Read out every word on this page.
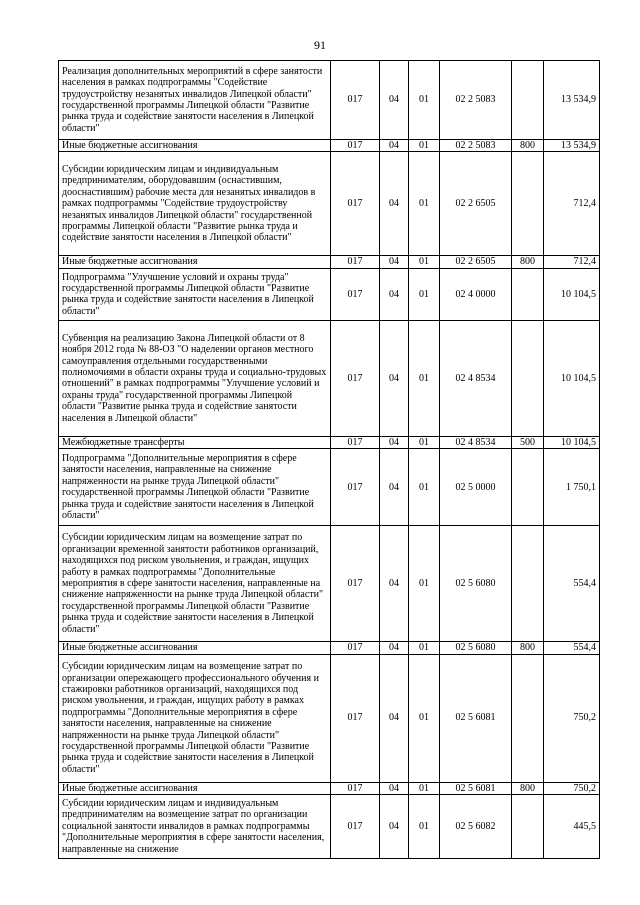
91
Реализация дополнительных мероприятий в сфере занятости населения в рамках подпрограммы "Содействие трудоустройству незанятых инвалидов Липецкой области" государственной программы Липецкой области "Развитие рынка труда и содействие занятости населения в Липецкой области"	017	04	01	02 2 5083		13 534,9
Иные бюджетные ассигнования	017	04	01	02 2 5083	800	13 534,9
Субсидии юридическим лицам и индивидуальным предпринимателям, оборудовавшим (оснастившим, дооснастившим) рабочие места для незанятых инвалидов в рамках подпрограммы "Содействие трудоустройству незанятых инвалидов Липецкой области" государственной программы Липецкой области "Развитие рынка труда и содействие занятости населения в Липецкой области"	017	04	01	02 2 6505		712,4
Иные бюджетные ассигнования	017	04	01	02 2 6505	800	712,4
Подпрограмма "Улучшение условий и охраны труда" государственной программы Липецкой области "Развитие рынка труда и содействие занятости населения в Липецкой области"	017	04	01	02 4 0000		10 104,5
Субвенция на реализацию Закона Липецкой области от 8 ноября 2012 года № 88-ОЗ "О наделении органов местного самоуправления отдельными государственными полномочиями в области охраны труда и социально-трудовых отношений" в рамках подпрограммы "Улучшение условий и охраны труда" государственной программы Липецкой области "Развитие рынка труда и содействие занятости населения в Липецкой области"	017	04	01	02 4 8534		10 104,5
Межбюджетные трансферты	017	04	01	02 4 8534	500	10 104,5
Подпрограмма "Дополнительные мероприятия в сфере занятости населения, направленные на снижение напряженности на рынке труда Липецкой области" государственной программы Липецкой области "Развитие рынка труда и содействие занятости населения в Липецкой области"	017	04	01	02 5 0000		1 750,1
Субсидии юридическим лицам на возмещение затрат по организации временной занятости работников организаций, находящихся под риском увольнения, и граждан, ищущих работу в рамках подпрограммы "Дополнительные мероприятия в сфере занятости населения, направленные на снижение напряженности на рынке труда Липецкой области" государственной программы Липецкой области "Развитие рынка труда и содействие занятости населения в Липецкой области"	017	04	01	02 5 6080		554,4
Иные бюджетные ассигнования	017	04	01	02 5 6080	800	554,4
Субсидии юридическим лицам на возмещение затрат по организации опережающего профессионального обучения и стажировки работников организаций, находящихся под риском увольнения, и граждан, ищущих работу в рамках подпрограммы "Дополнительные мероприятия в сфере занятости населения, направленные на снижение напряженности на рынке труда Липецкой области" государственной программы Липецкой области "Развитие рынка труда и содействие занятости населения в Липецкой области"	017	04	01	02 5 6081		750,2
Иные бюджетные ассигнования	017	04	01	02 5 6081	800	750,2
Субсидии юридическим лицам и индивидуальным предпринимателям на возмещение затрат по организации социальной занятости инвалидов в рамках подпрограммы "Дополнительные мероприятия в сфере занятости населения, направленные на снижение	017	04	01	02 5 6082		445,5
